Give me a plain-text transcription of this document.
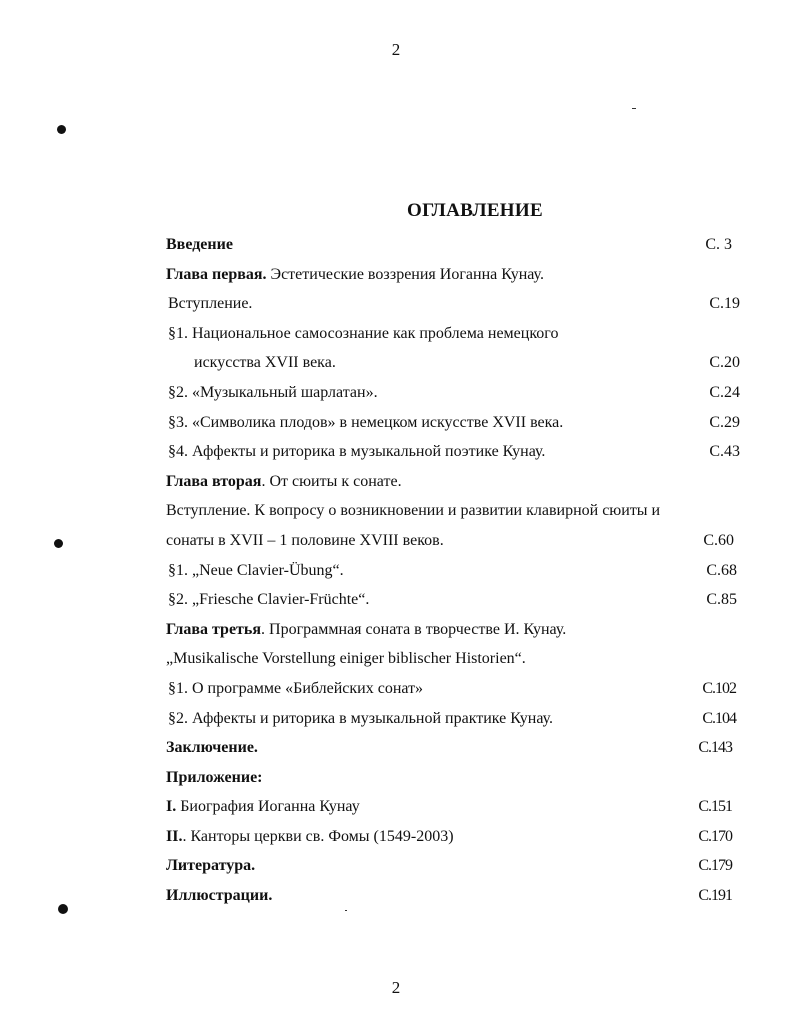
2
ОГЛАВЛЕНИЕ
Введение	С. 3
Глава первая. Эстетические воззрения Иоганна Кунау.
Вступление.	С.19
§1. Национальное самосознание как проблема немецкого
искусства XVII века.	С.20
§2. «Музыкальный шарлатан».	С.24
§3. «Символика плодов» в немецком искусстве XVII века.	С.29
§4. Аффекты и риторика в музыкальной поэтике Кунау.	С.43
Глава вторая. От сюиты к сонате.
Вступление. К вопросу о возникновении и развитии клавирной сюиты и
сонаты в XVII – 1 половине XVIII веков.	С.60
§1. „Neue Clavier-Übung“.	С.68
§2. „Friesche Clavier-Früchte“.	С.85
Глава третья. Программная соната в творчестве И. Кунау.
„Musikalische Vorstellung einiger biblischer Historien“.
§1. О программе «Библейских сонат»	С.102
§2. Аффекты и риторика в музыкальной практике Кунау.	С.104
Заключение.	С.143
Приложение:
I. Биография Иоганна Кунау	С.151
II.. Канторы церкви св. Фомы (1549-2003)	С.170
Литература.	С.179
Иллюстрации.	С.191
2
